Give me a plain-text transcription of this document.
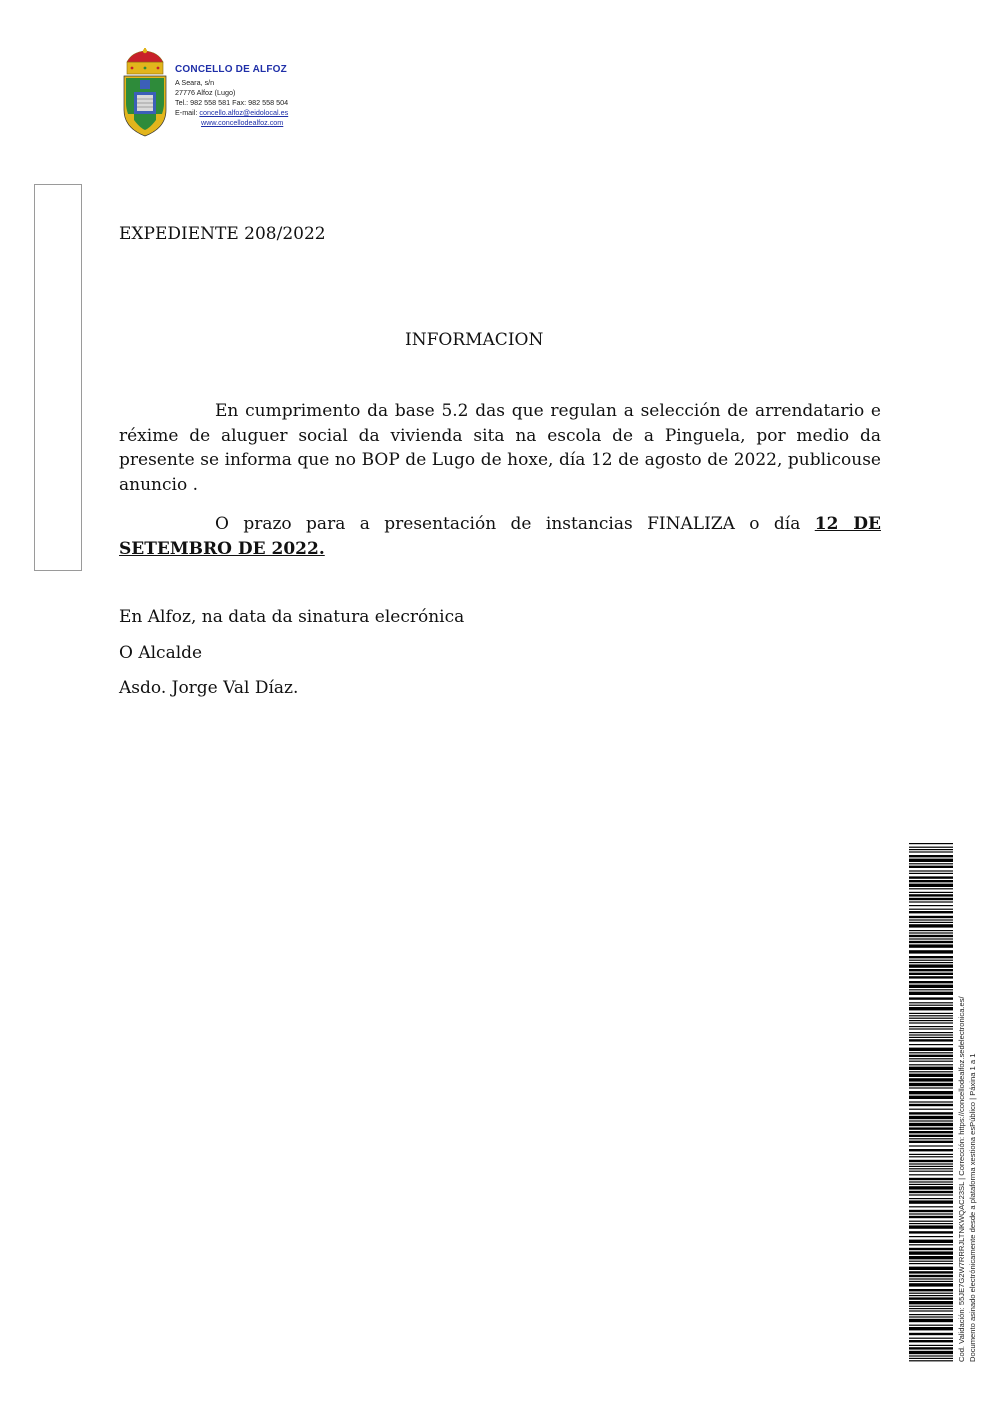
CONCELLO DE ALFOZ
A Seara, s/n
27776 Alfoz (Lugo)
Tel.: 982 558 581 Fax: 982 558 504
E-mail: concello.alfoz@eidolocal.es
www.concellodealfoz.com
EXPEDIENTE 208/2022
INFORMACION
En cumprimento da base 5.2 das que regulan a selección de arrendatario e réxime de aluguer social da vivienda sita na escola de a Pinguela, por medio da presente se informa que no BOP de Lugo de hoxe, día 12 de agosto de 2022, publicouse anuncio .
O prazo para a presentación de instancias FINALIZA o día 12 DE SETEMBRO DE 2022.
En Alfoz, na data da sinatura elecrónica
O Alcalde
Asdo. Jorge Val Díaz.
Cod. Validación: 55JE7G2W7RRRJLTNKWQAC23SL | Corrección: https://concellodealfoz.sedelectronica.es/ Documento asinado electrónicamente desde a plataforma xestiona esPúblico | Páxina 1 a 1
